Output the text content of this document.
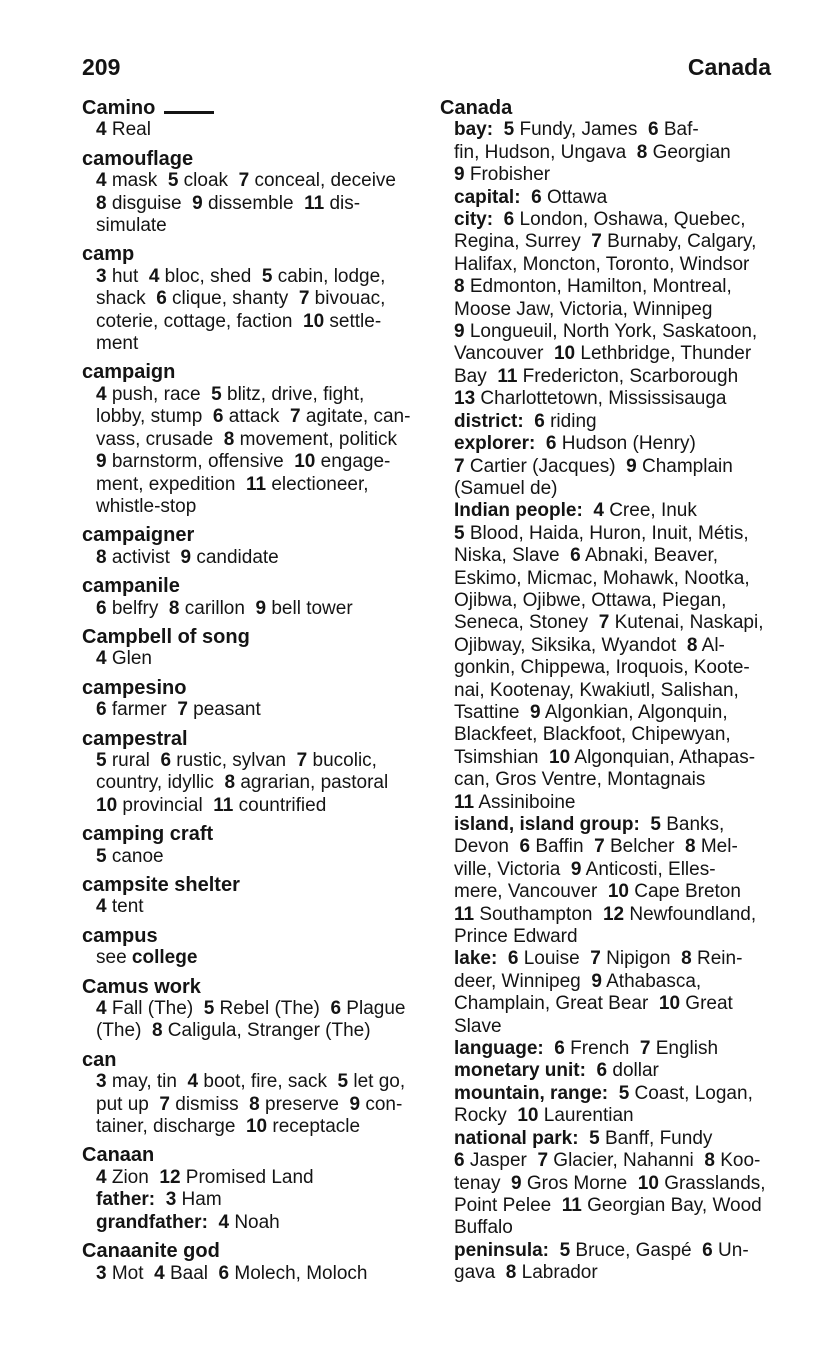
209	Canada
Camino
4 Real
camouflage
4 mask  5 cloak  7 conceal, deceive
8 disguise  9 dissemble  11 dis-
simulate
camp
3 hut  4 bloc, shed  5 cabin, lodge,
shack  6 clique, shanty  7 bivouac,
coterie, cottage, faction  10 settle-
ment
campaign
4 push, race  5 blitz, drive, fight,
lobby, stump  6 attack  7 agitate, can-
vass, crusade  8 movement, politick
9 barnstorm, offensive  10 engage-
ment, expedition  11 electioneer,
whistle-stop
campaigner
8 activist  9 candidate
campanile
6 belfry  8 carillon  9 bell tower
Campbell of song
4 Glen
campesino
6 farmer  7 peasant
campestral
5 rural  6 rustic, sylvan  7 bucolic,
country, idyllic  8 agrarian, pastoral
10 provincial  11 countrified
camping craft
5 canoe
campsite shelter
4 tent
campus
see college
Camus work
4 Fall (The)  5 Rebel (The)  6 Plague
(The)  8 Caligula, Stranger (The)
can
3 may, tin  4 boot, fire, sack  5 let go,
put up  7 dismiss  8 preserve  9 con-
tainer, discharge  10 receptacle
Canaan
4 Zion  12 Promised Land
father: 3 Ham
grandfather: 4 Noah
Canaanite god
3 Mot  4 Baal  6 Molech, Moloch
Canada
bay: 5 Fundy, James  6 Baf-
fin, Hudson, Ungava  8 Georgian
9 Frobisher
capital: 6 Ottawa
city: 6 London, Oshawa, Quebec,
Regina, Surrey  7 Burnaby, Calgary,
Halifax, Moncton, Toronto, Windsor
8 Edmonton, Hamilton, Montreal,
Moose Jaw, Victoria, Winnipeg
9 Longueuil, North York, Saskatoon,
Vancouver  10 Lethbridge, Thunder
Bay  11 Fredericton, Scarborough
13 Charlottetown, Mississisauga
district: 6 riding
explorer: 6 Hudson (Henry)
7 Cartier (Jacques)  9 Champlain
(Samuel de)
Indian people: 4 Cree, Inuk
5 Blood, Haida, Huron, Inuit, Métis,
Niska, Slave  6 Abnaki, Beaver,
Eskimo, Micmac, Mohawk, Nootka,
Ojibwa, Ojibwe, Ottawa, Piegan,
Seneca, Stoney  7 Kutenai, Naskapi,
Ojibway, Siksika, Wyandot  8 Al-
gonkin, Chippewa, Iroquois, Koote-
nai, Kootenay, Kwakiutl, Salishan,
Tsattine  9 Algonkian, Algonquin,
Blackfeet, Blackfoot, Chipewyan,
Tsimshian  10 Algonquian, Athapas-
can, Gros Ventre, Montagnais
11 Assiniboine
island, island group: 5 Banks,
Devon  6 Baffin  7 Belcher  8 Mel-
ville, Victoria  9 Anticosti, Elles-
mere, Vancouver  10 Cape Breton
11 Southampton  12 Newfoundland,
Prince Edward
lake: 6 Louise  7 Nipigon  8 Rein-
deer, Winnipeg  9 Athabasca,
Champlain, Great Bear  10 Great
Slave
language: 6 French  7 English
monetary unit: 6 dollar
mountain, range: 5 Coast, Logan,
Rocky  10 Laurentian
national park: 5 Banff, Fundy
6 Jasper  7 Glacier, Nahanni  8 Koo-
tenay  9 Gros Morne  10 Grasslands,
Point Pelee  11 Georgian Bay, Wood
Buffalo
peninsula: 5 Bruce, Gaspé  6 Un-
gava  8 Labrador
